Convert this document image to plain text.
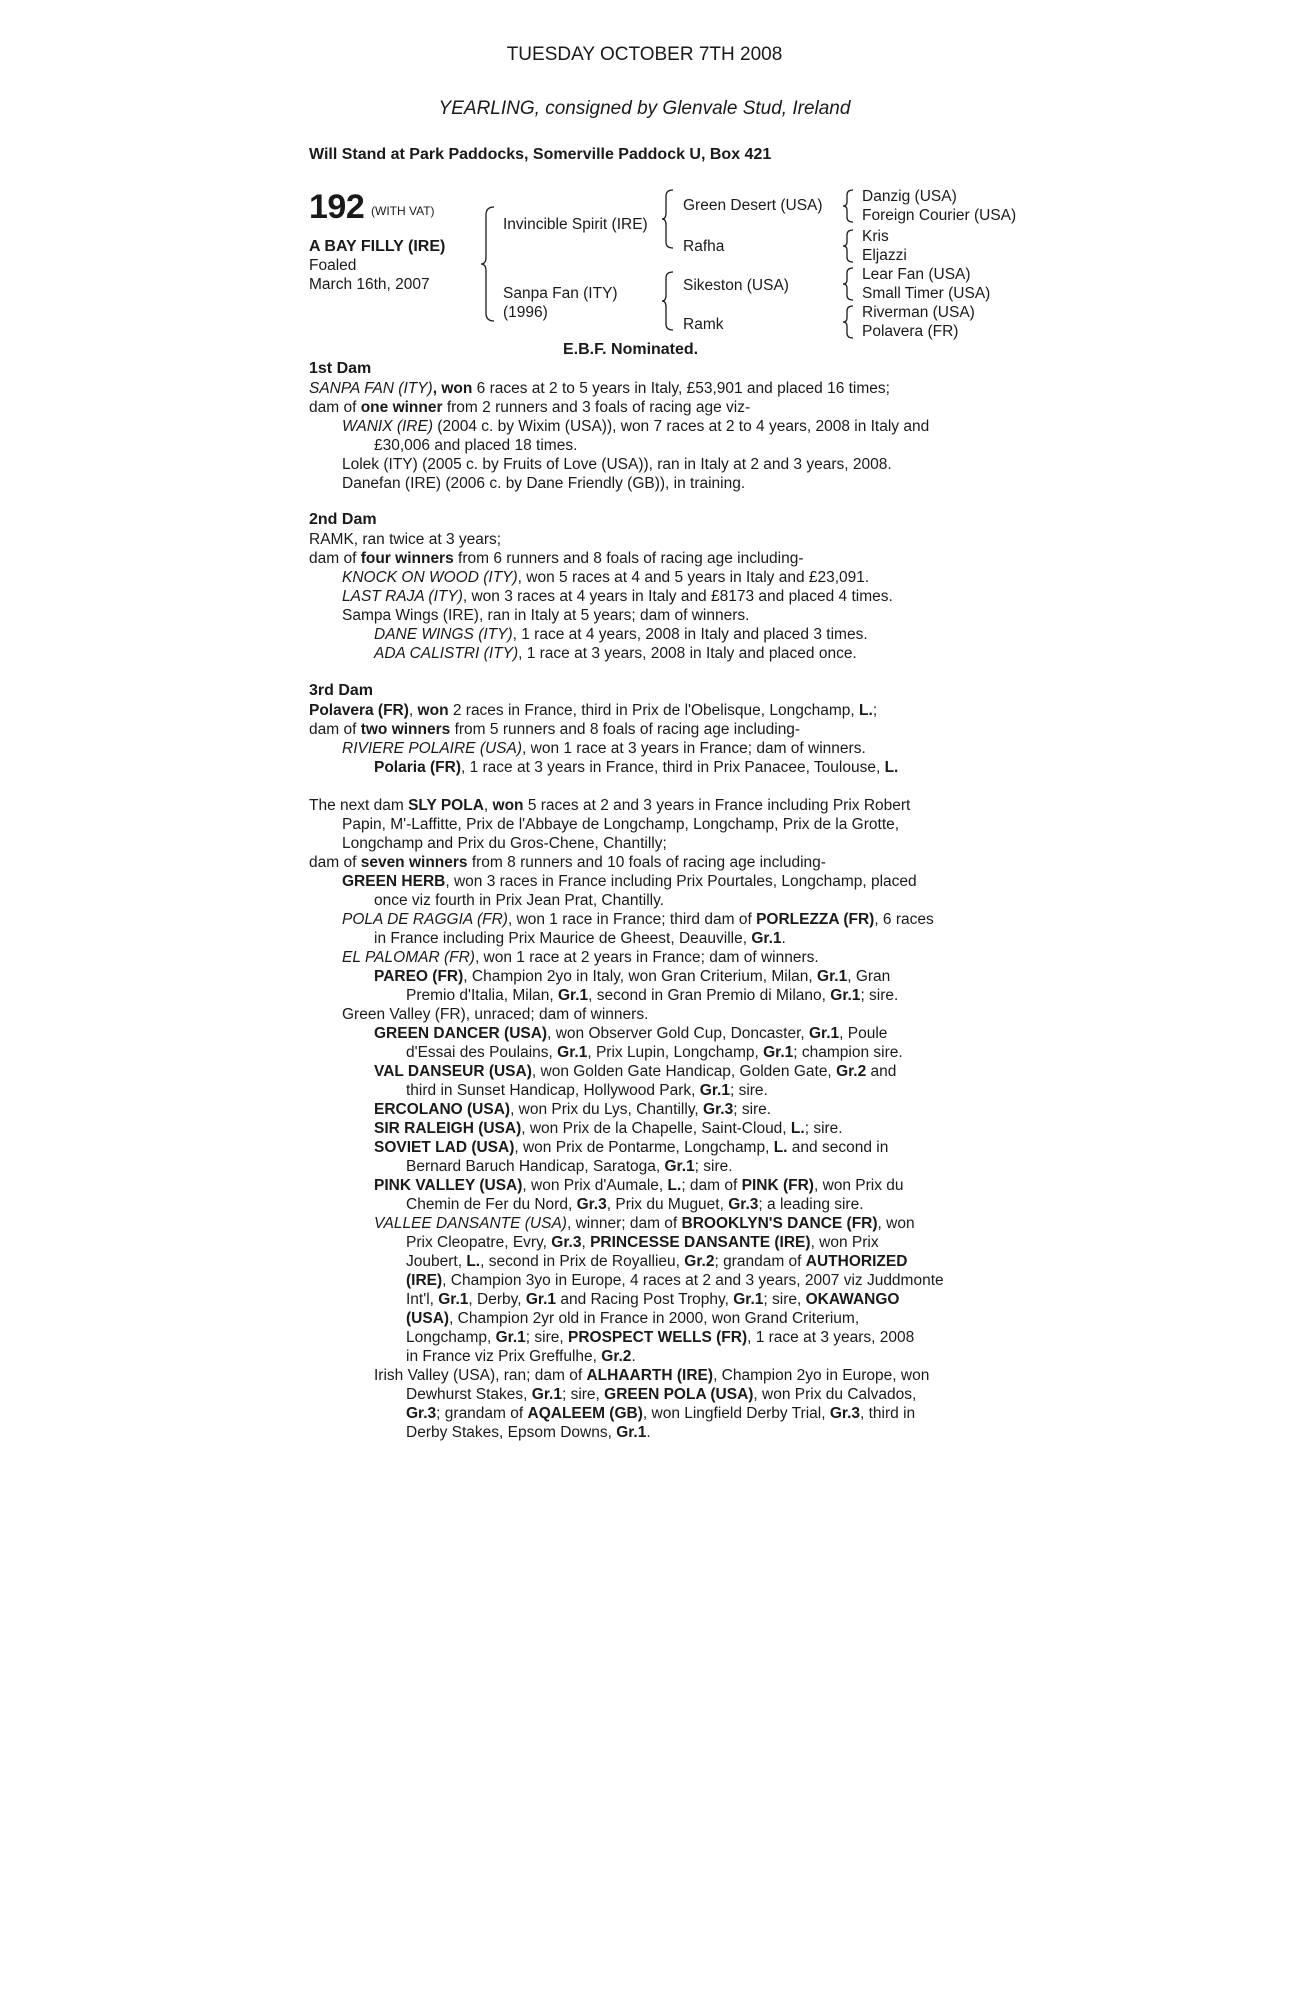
TUESDAY OCTOBER 7TH 2008
YEARLING, consigned by Glenvale Stud, Ireland
Will Stand at Park Paddocks, Somerville Paddock U, Box 421
192 (WITH VAT)
A BAY FILLY (IRE)
Foaled
March 16th, 2007
Invincible Spirit (IRE)
Sanpa Fan (ITY)
(1996)
Green Desert (USA)
Rafha
Sikeston (USA)
Ramk
Danzig (USA)
Foreign Courier (USA)
Kris
Eljazzi
Lear Fan (USA)
Small Timer (USA)
Riverman (USA)
Polavera (FR)
E.B.F. Nominated.
1st Dam
SANPA FAN (ITY), won 6 races at 2 to 5 years in Italy, £53,901 and placed 16 times;
dam of one winner from 2 runners and 3 foals of racing age viz-
WANIX (IRE) (2004 c. by Wixim (USA)), won 7 races at 2 to 4 years, 2008 in Italy and
£30,006 and placed 18 times.
Lolek (ITY) (2005 c. by Fruits of Love (USA)), ran in Italy at 2 and 3 years, 2008.
Danefan (IRE) (2006 c. by Dane Friendly (GB)), in training.
2nd Dam
RAMK, ran twice at 3 years;
dam of four winners from 6 runners and 8 foals of racing age including-
KNOCK ON WOOD (ITY), won 5 races at 4 and 5 years in Italy and £23,091.
LAST RAJA (ITY), won 3 races at 4 years in Italy and £8173 and placed 4 times.
Sampa Wings (IRE), ran in Italy at 5 years; dam of winners.
DANE WINGS (ITY), 1 race at 4 years, 2008 in Italy and placed 3 times.
ADA CALISTRI (ITY), 1 race at 3 years, 2008 in Italy and placed once.
3rd Dam
Polavera (FR), won 2 races in France, third in Prix de l'Obelisque, Longchamp, L.;
dam of two winners from 5 runners and 8 foals of racing age including-
RIVIERE POLAIRE (USA), won 1 race at 3 years in France; dam of winners.
Polaria (FR), 1 race at 3 years in France, third in Prix Panacee, Toulouse, L.
The next dam SLY POLA, won 5 races at 2 and 3 years in France including Prix Robert
Papin, M'-Laffitte, Prix de l'Abbaye de Longchamp, Longchamp, Prix de la Grotte,
Longchamp and Prix du Gros-Chene, Chantilly;
dam of seven winners from 8 runners and 10 foals of racing age including-
GREEN HERB, won 3 races in France including Prix Pourtales, Longchamp, placed
once viz fourth in Prix Jean Prat, Chantilly.
POLA DE RAGGIA (FR), won 1 race in France; third dam of PORLEZZA (FR), 6 races
in France including Prix Maurice de Gheest, Deauville, Gr.1.
EL PALOMAR (FR), won 1 race at 2 years in France; dam of winners.
PAREO (FR), Champion 2yo in Italy, won Gran Criterium, Milan, Gr.1, Gran
Premio d'Italia, Milan, Gr.1, second in Gran Premio di Milano, Gr.1; sire.
Green Valley (FR), unraced; dam of winners.
GREEN DANCER (USA), won Observer Gold Cup, Doncaster, Gr.1, Poule
d'Essai des Poulains, Gr.1, Prix Lupin, Longchamp, Gr.1; champion sire.
VAL DANSEUR (USA), won Golden Gate Handicap, Golden Gate, Gr.2 and
third in Sunset Handicap, Hollywood Park, Gr.1; sire.
ERCOLANO (USA), won Prix du Lys, Chantilly, Gr.3; sire.
SIR RALEIGH (USA), won Prix de la Chapelle, Saint-Cloud, L.; sire.
SOVIET LAD (USA), won Prix de Pontarme, Longchamp, L. and second in
Bernard Baruch Handicap, Saratoga, Gr.1; sire.
PINK VALLEY (USA), won Prix d'Aumale, L.; dam of PINK (FR), won Prix du
Chemin de Fer du Nord, Gr.3, Prix du Muguet, Gr.3; a leading sire.
VALLEE DANSANTE (USA), winner; dam of BROOKLYN'S DANCE (FR), won
Prix Cleopatre, Evry, Gr.3, PRINCESSE DANSANTE (IRE), won Prix
Joubert, L., second in Prix de Royallieu, Gr.2; grandam of AUTHORIZED
(IRE), Champion 3yo in Europe, 4 races at 2 and 3 years, 2007 viz Juddmonte
Int'l, Gr.1, Derby, Gr.1 and Racing Post Trophy, Gr.1; sire, OKAWANGO
(USA), Champion 2yr old in France in 2000, won Grand Criterium,
Longchamp, Gr.1; sire, PROSPECT WELLS (FR), 1 race at 3 years, 2008
in France viz Prix Greffulhe, Gr.2.
Irish Valley (USA), ran; dam of ALHAARTH (IRE), Champion 2yo in Europe, won
Dewhurst Stakes, Gr.1; sire, GREEN POLA (USA), won Prix du Calvados,
Gr.3; grandam of AQALEEM (GB), won Lingfield Derby Trial, Gr.3, third in
Derby Stakes, Epsom Downs, Gr.1.
